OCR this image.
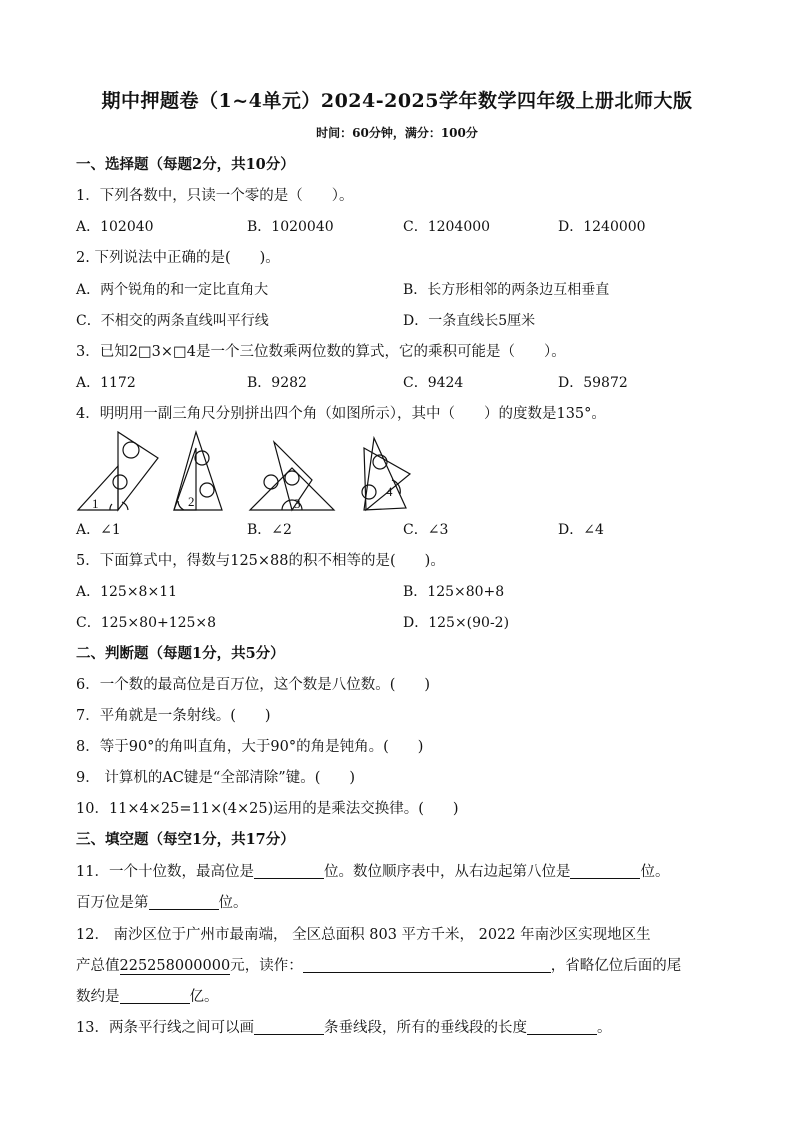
期中押题卷（1~4单元）2024-2025学年数学四年级上册北师大版
时间：60分钟，满分：100分
一、选择题（每题2分，共10分）
1．下列各数中，只读一个零的是（　　）。
A．102040	B．1020040	C．1204000	D．1240000
2. 下列说法中正确的是(　　)。
A．两个锐角的和一定比直角大	B．长方形相邻的两条边互相垂直
C．不相交的两条直线叫平行线	D．一条直线长5厘米
3．已知2□3×□4是一个三位数乘两位数的算式，它的乘积可能是（　　）。
A．1172	B．9282	C．9424	D．59872
4．明明用一副三角尺分别拼出四个角（如图所示），其中（　　）的度数是135°。
1	2	3
4
A．∠1	B．∠2	C．∠3	D．∠4
5．下面算式中，得数与125×88的积不相等的是(　　)。
A．125×8×11	B．125×80+8
C．125×80+125×8	D．125×(90-2)
二、判断题（每题1分，共5分）
6．一个数的最高位是百万位，这个数是八位数。(　　)
7．平角就是一条射线。(　　)
8．等于90°的角叫直角，大于90°的角是钝角。(　　)
9． 计算机的AC键是“全部清除”键。(　　)
10．11×4×25=11×(4×25)运用的是乘法交换律。(　　)
三、填空题（每空1分，共17分）
11．一个十位数，最高位是	位。数位顺序表中，从右边起第八位是	位。
百万位是第	位。
12． 南沙区位于广州市最南端， 全区总面积 803 平方千米， 2022 年南沙区实现地区生
产总值225258000000元，读作：	，省略亿位后面的尾
数约是	亿。
13．两条平行线之间可以画	条垂线段，所有的垂线段的长度	。
